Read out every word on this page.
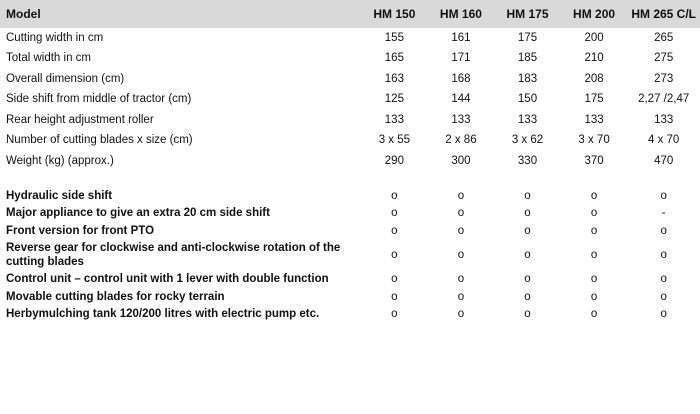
Model	HM 150	HM 160	HM 175	HM 200	HM 265 C/L
Cutting width in cm	155	161	175	200	265
Total width in cm	165	171	185	210	275
Overall dimension (cm)	163	168	183	208	273
Side shift from middle of tractor (cm)	125	144	150	175	2,27 /2,47
Rear height adjustment roller	133	133	133	133	133
Number of cutting blades x size (cm)	3 x 55	2 x 86	3 x 62	3 x 70	4 x 70
Weight (kg) (approx.)	290	300	330	370	470

Hydraulic side shift	o	o	o	o	o
Major appliance to give an extra 20 cm side shift	o	o	o	o	-
Front version for front PTO	o	o	o	o	o
Reverse gear for clockwise and anti-clockwise rotation of the cutting blades	o	o	o	o	o
Control unit – control unit with 1 lever with double function	o	o	o	o	o
Movable cutting blades for rocky terrain	o	o	o	o	o
Herbymulching tank 120/200 litres with electric pump etc.	o	o	o	o	o
